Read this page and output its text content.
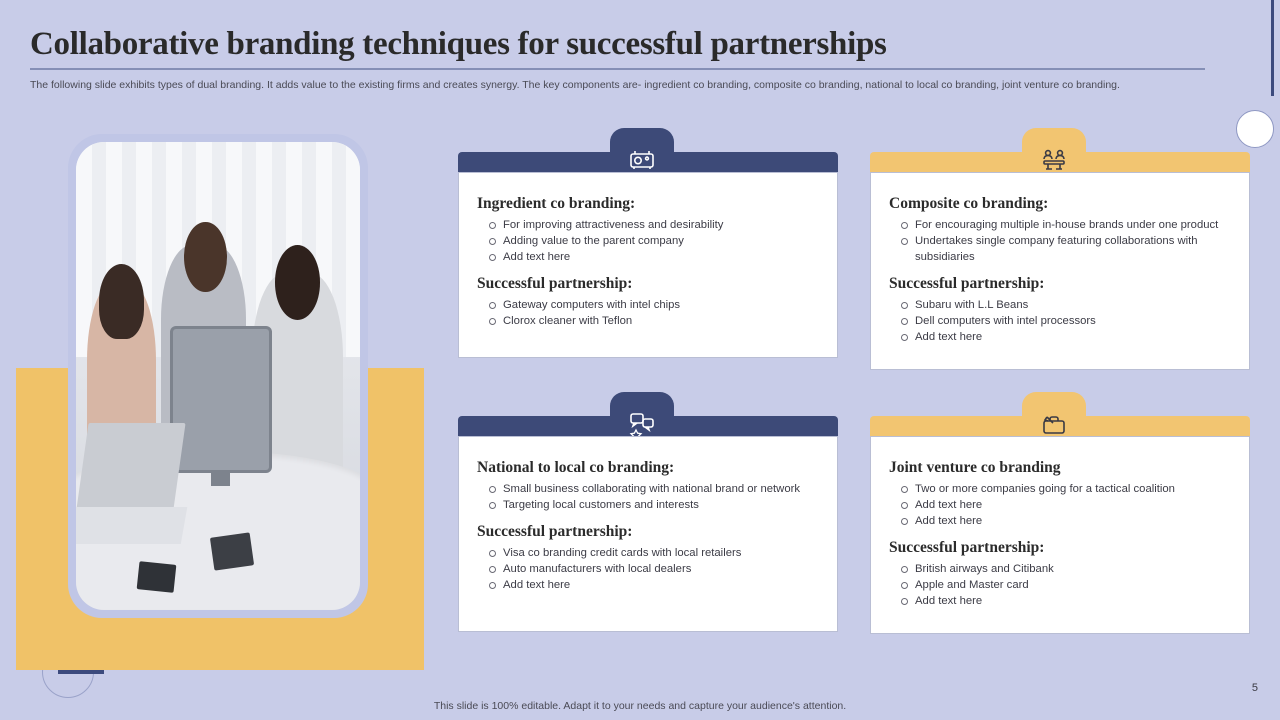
Collaborative branding techniques for successful partnerships
The following slide exhibits types of dual branding. It adds value to the existing firms and creates synergy. The key components are- ingredient co branding, composite co branding, national to local co branding, joint venture co branding.
Ingredient co branding:
For improving attractiveness and desirability
Adding value to the parent company
Add text here
Successful partnership:
Gateway computers with intel chips
Clorox cleaner with Teflon
Composite co branding:
For encouraging multiple in-house brands under one product
Undertakes single company featuring collaborations with subsidiaries
Successful partnership:
Subaru with L.L Beans
Dell computers with intel processors
Add text here
National to local co branding:
Small business collaborating with national brand or network
Targeting local customers and interests
Successful partnership:
Visa co branding credit cards with local retailers
Auto manufacturers with local dealers
Add text here
Joint venture co branding
Two or more companies going for a tactical coalition
Add text here
Add text here
Successful partnership:
British airways and Citibank
Apple and Master card
Add text here
This slide is 100% editable. Adapt it to your needs and capture your audience's attention.
5
